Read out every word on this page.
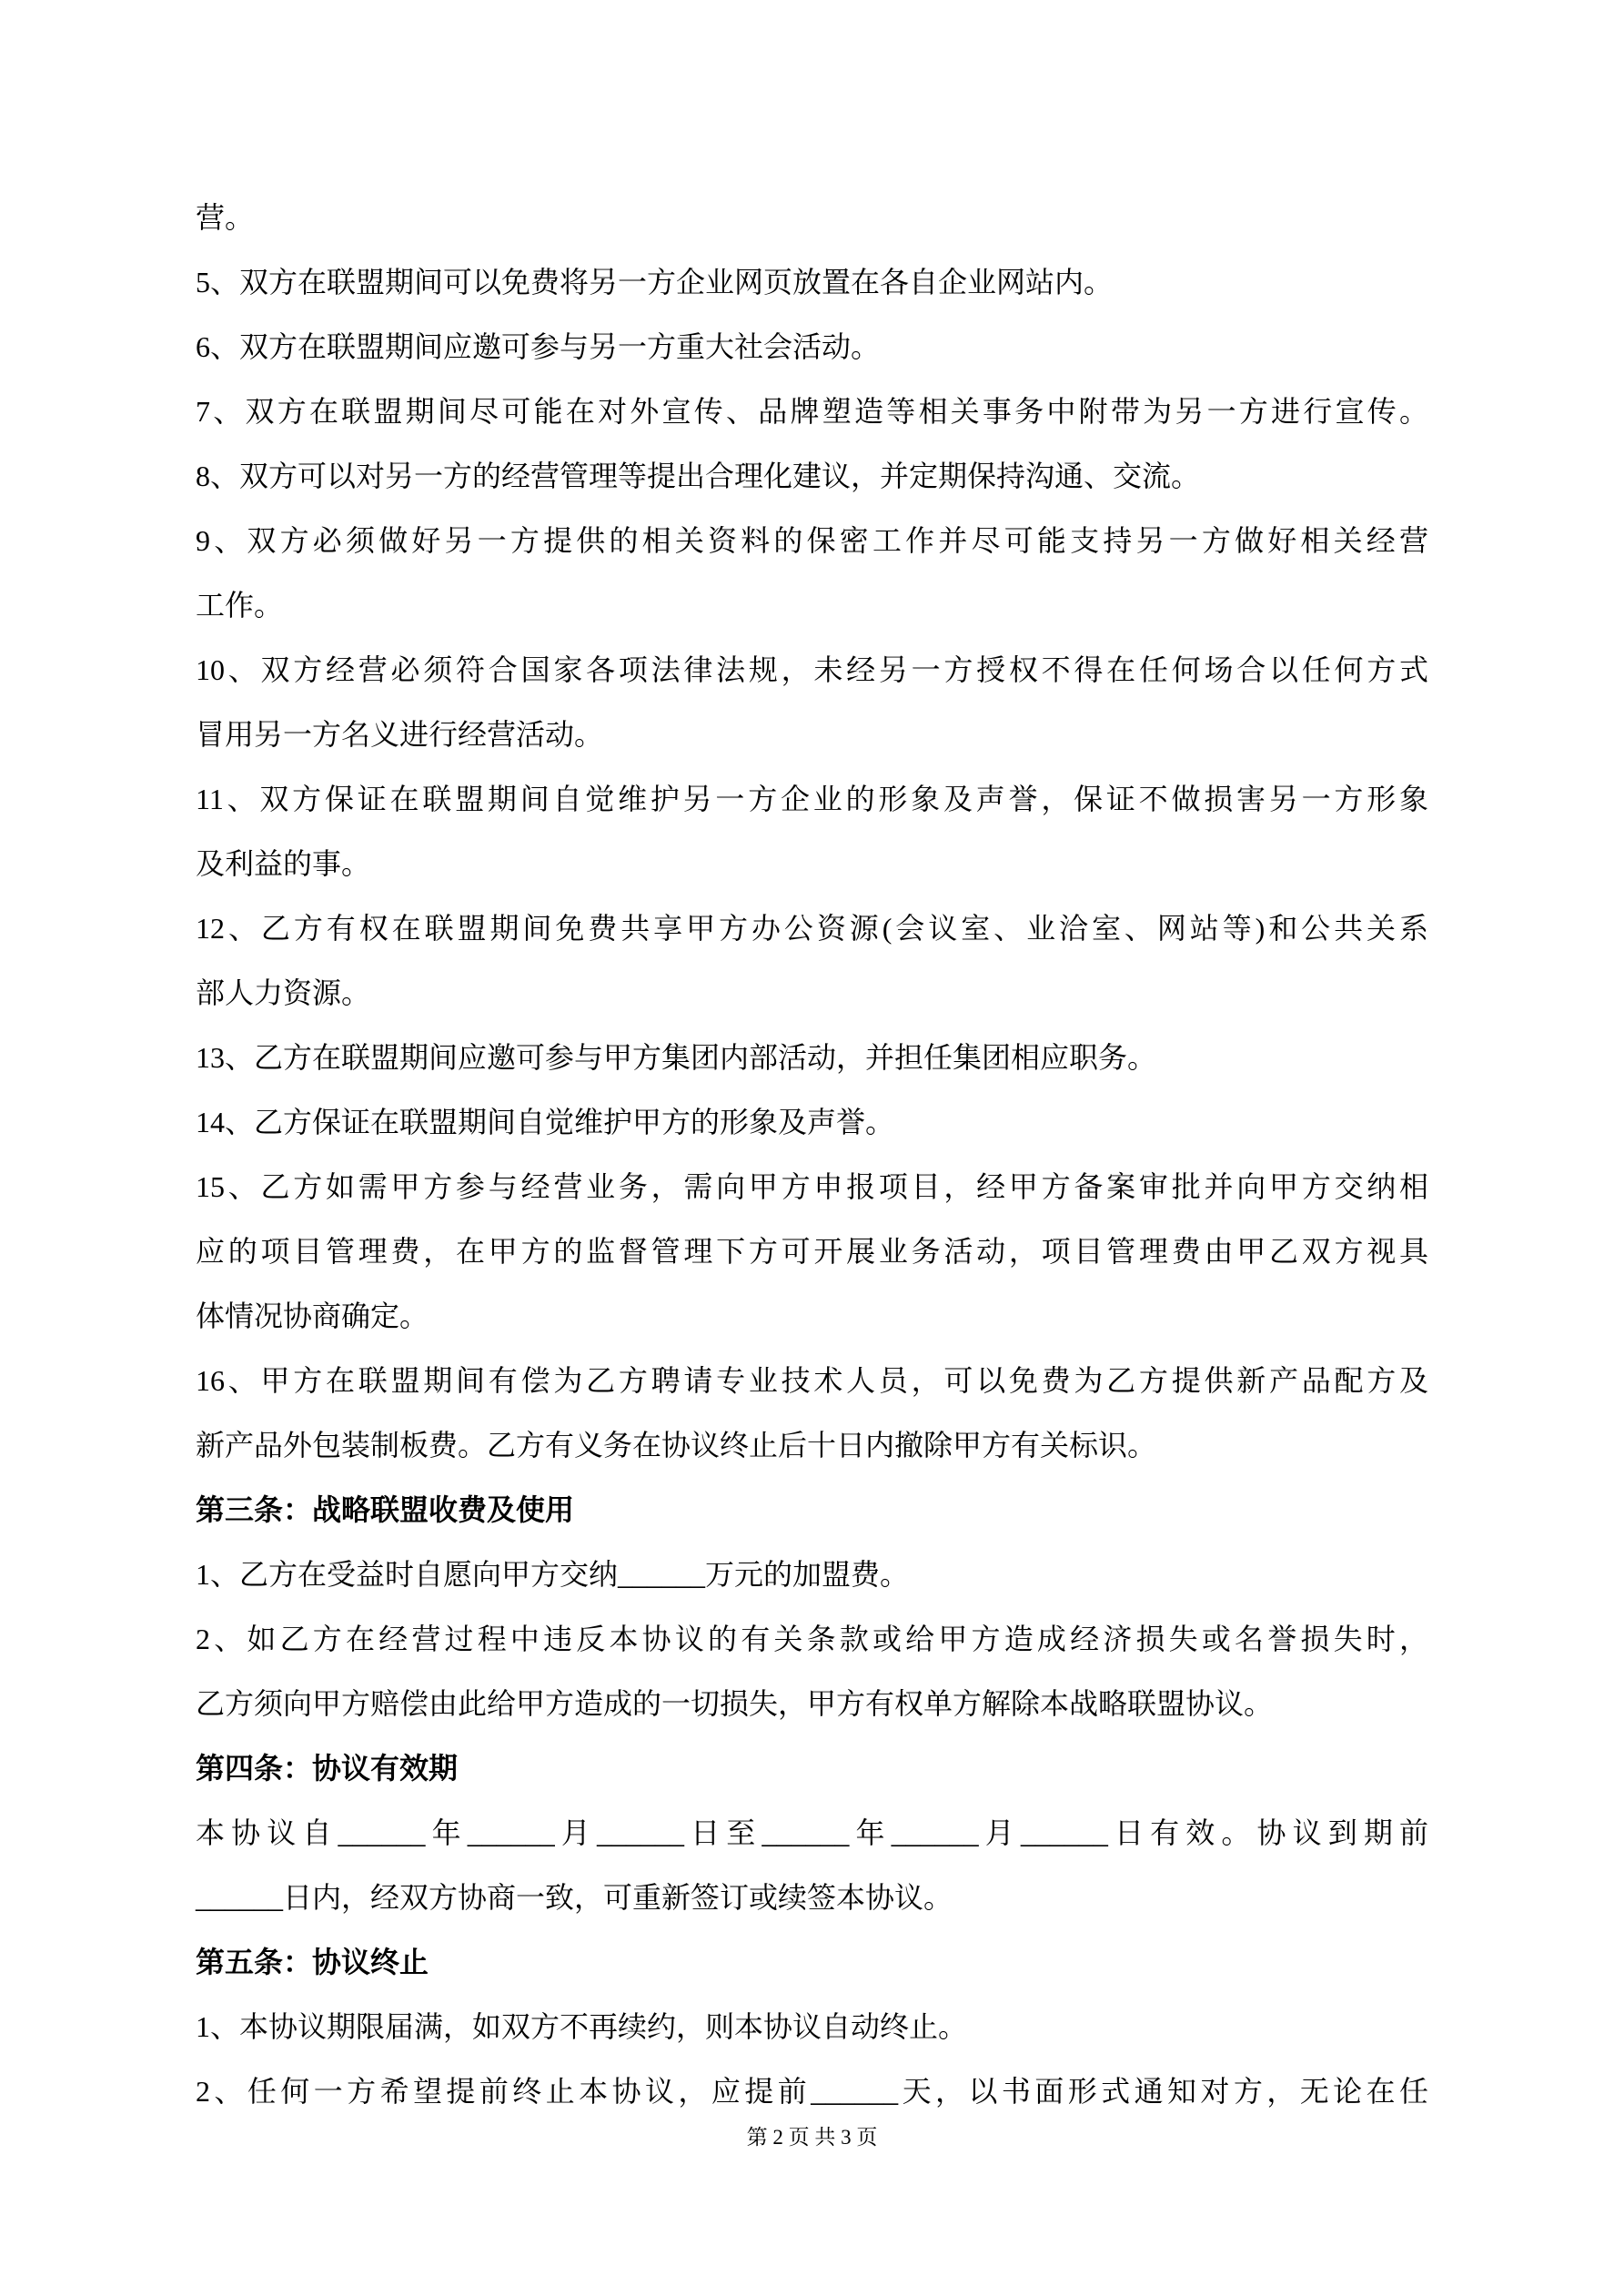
营。
5、双方在联盟期间可以免费将另一方企业网页放置在各自企业网站内。
6、双方在联盟期间应邀可参与另一方重大社会活动。
7、双方在联盟期间尽可能在对外宣传、品牌塑造等相关事务中附带为另一方进行宣传。
8、双方可以对另一方的经营管理等提出合理化建议，并定期保持沟通、交流。
9、双方必须做好另一方提供的相关资料的保密工作并尽可能支持另一方做好相关经营
工作。
10、双方经营必须符合国家各项法律法规，未经另一方授权不得在任何场合以任何方式
冒用另一方名义进行经营活动。
11、双方保证在联盟期间自觉维护另一方企业的形象及声誉，保证不做损害另一方形象
及利益的事。
12、乙方有权在联盟期间免费共享甲方办公资源(会议室、业洽室、网站等)和公共关系
部人力资源。
13、乙方在联盟期间应邀可参与甲方集团内部活动，并担任集团相应职务。
14、乙方保证在联盟期间自觉维护甲方的形象及声誉。
15、乙方如需甲方参与经营业务，需向甲方申报项目，经甲方备案审批并向甲方交纳相
应的项目管理费，在甲方的监督管理下方可开展业务活动，项目管理费由甲乙双方视具
体情况协商确定。
16、甲方在联盟期间有偿为乙方聘请专业技术人员，可以免费为乙方提供新产品配方及
新产品外包装制板费。乙方有义务在协议终止后十日内撤除甲方有关标识。
第三条：战略联盟收费及使用
1、乙方在受益时自愿向甲方交纳______万元的加盟费。
2、如乙方在经营过程中违反本协议的有关条款或给甲方造成经济损失或名誉损失时，
乙方须向甲方赔偿由此给甲方造成的一切损失，甲方有权单方解除本战略联盟协议。
第四条：协议有效期
本协议自______年______月______日至______年______月______日有效。协议到期前
______日内，经双方协商一致，可重新签订或续签本协议。
第五条：协议终止
1、本协议期限届满，如双方不再续约，则本协议自动终止。
2、任何一方希望提前终止本协议，应提前______天，以书面形式通知对方，无论在任
第 2 页 共 3 页
